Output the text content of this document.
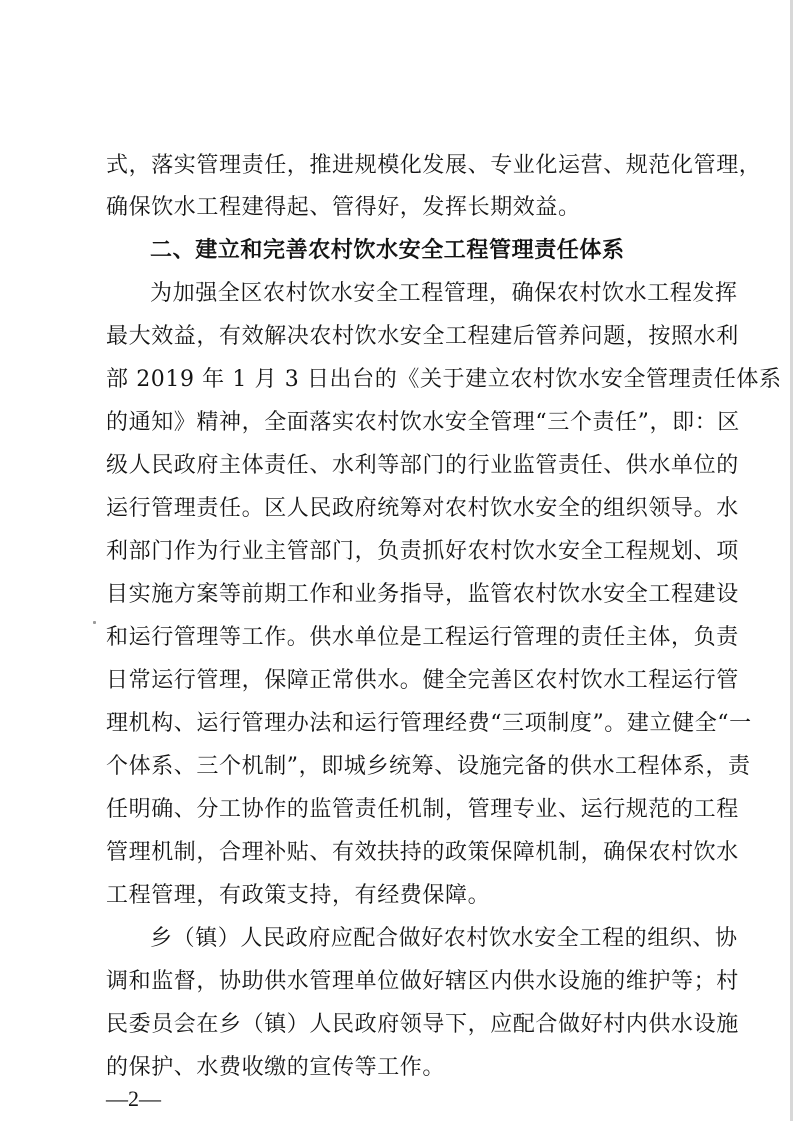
式，落实管理责任，推进规模化发展、专业化运营、规范化管理，
确保饮水工程建得起、管得好，发挥长期效益。
二、建立和完善农村饮水安全工程管理责任体系
为加强全区农村饮水安全工程管理，确保农村饮水工程发挥
最大效益，有效解决农村饮水安全工程建后管养问题，按照水利
部 2019 年 1 月 3 日出台的《关于建立农村饮水安全管理责任体系
的通知》精神，全面落实农村饮水安全管理“三个责任”，即：区
级人民政府主体责任、水利等部门的行业监管责任、供水单位的
运行管理责任。区人民政府统筹对农村饮水安全的组织领导。水
利部门作为行业主管部门，负责抓好农村饮水安全工程规划、项
目实施方案等前期工作和业务指导，监管农村饮水安全工程建设
和运行管理等工作。供水单位是工程运行管理的责任主体，负责
日常运行管理，保障正常供水。健全完善区农村饮水工程运行管
理机构、运行管理办法和运行管理经费“三项制度”。建立健全“一
个体系、三个机制”，即城乡统筹、设施完备的供水工程体系，责
任明确、分工协作的监管责任机制，管理专业、运行规范的工程
管理机制，合理补贴、有效扶持的政策保障机制，确保农村饮水
工程管理，有政策支持，有经费保障。
乡（镇）人民政府应配合做好农村饮水安全工程的组织、协
调和监督，协助供水管理单位做好辖区内供水设施的维护等；村
民委员会在乡（镇）人民政府领导下，应配合做好村内供水设施
的保护、水费收缴的宣传等工作。
—2—
